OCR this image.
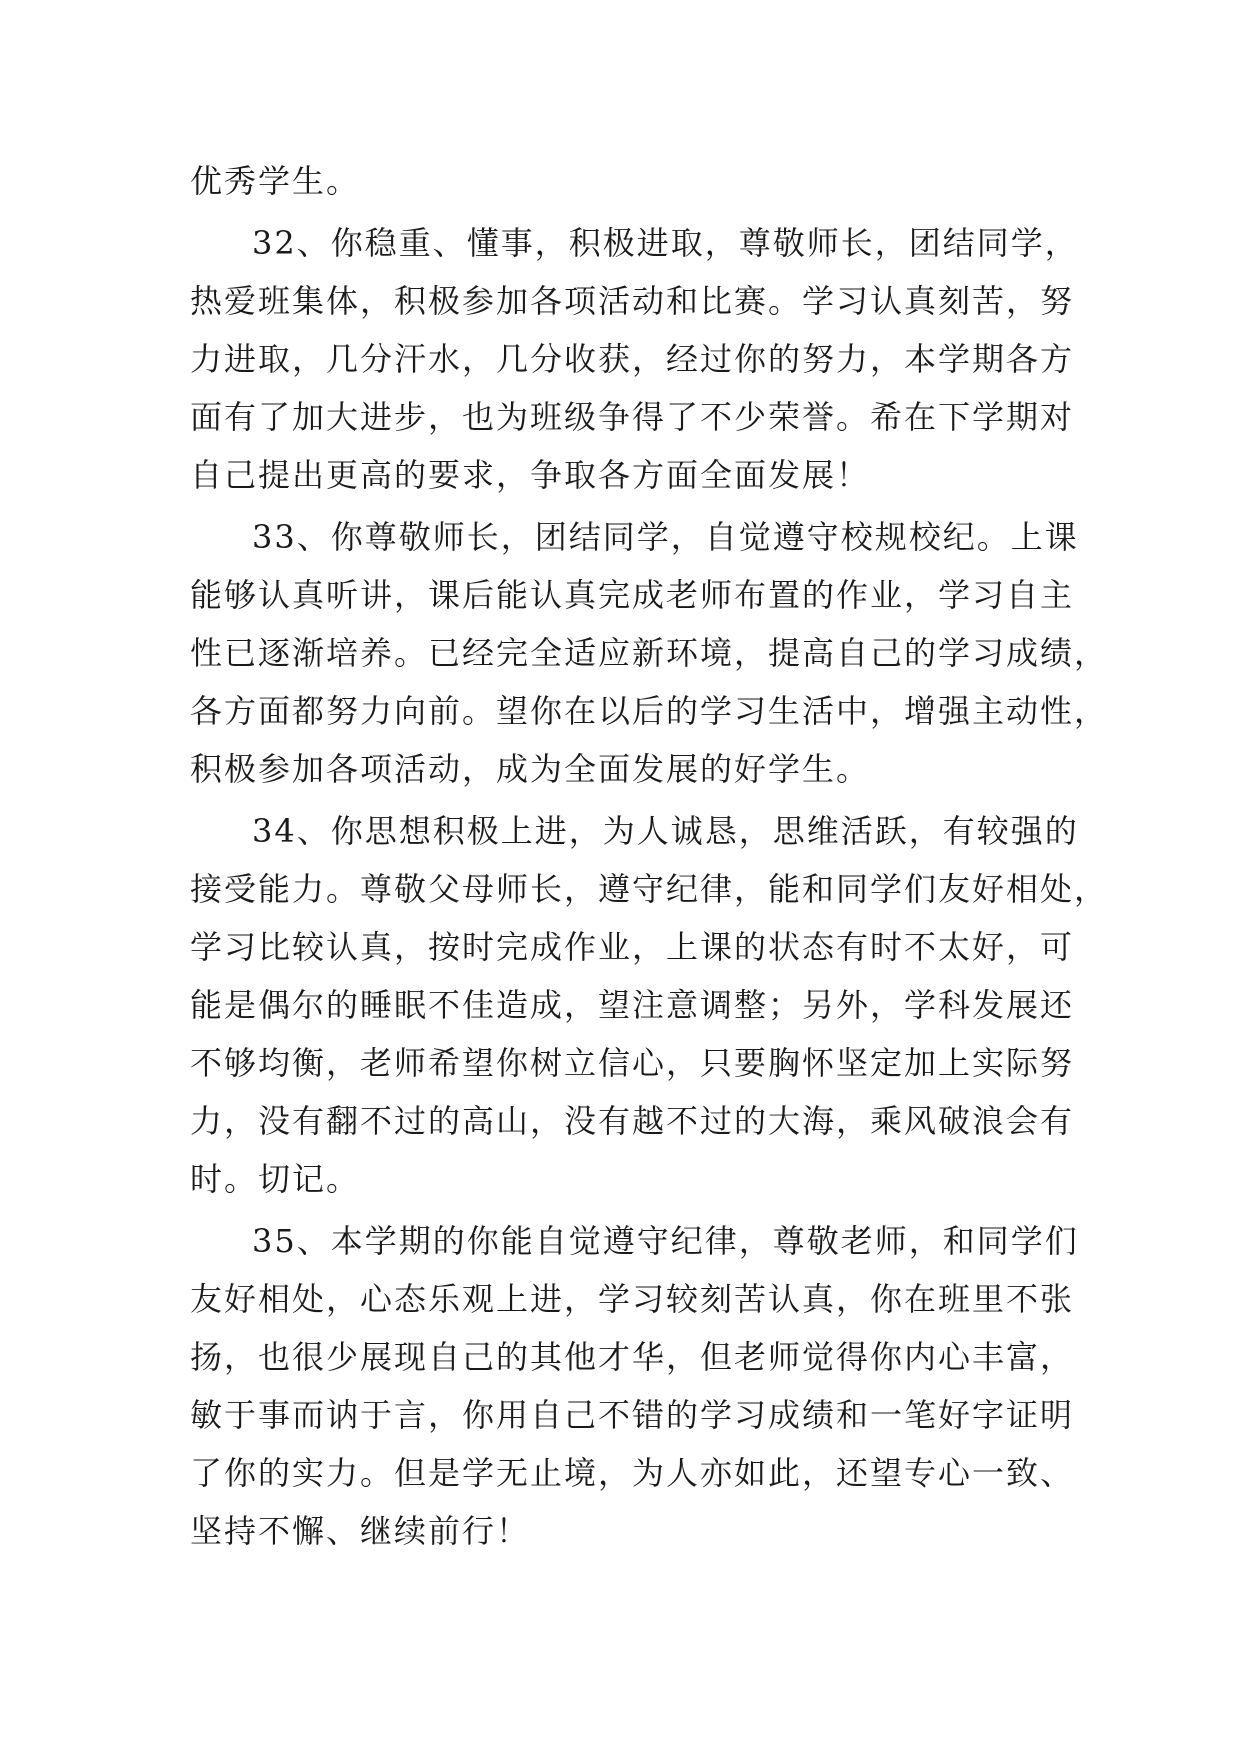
优秀学生。
32、你稳重、懂事，积极进取，尊敬师长，团结同学，
热爱班集体，积极参加各项活动和比赛。学习认真刻苦，努
力进取，几分汗水，几分收获，经过你的努力，本学期各方
面有了加大进步，也为班级争得了不少荣誉。希在下学期对
自己提出更高的要求，争取各方面全面发展！
33、你尊敬师长，团结同学，自觉遵守校规校纪。上课
能够认真听讲，课后能认真完成老师布置的作业，学习自主
性已逐渐培养。已经完全适应新环境，提高自己的学习成绩，
各方面都努力向前。望你在以后的学习生活中，增强主动性，
积极参加各项活动，成为全面发展的好学生。
34、你思想积极上进，为人诚恳，思维活跃，有较强的
接受能力。尊敬父母师长，遵守纪律，能和同学们友好相处，
学习比较认真，按时完成作业，上课的状态有时不太好，可
能是偶尔的睡眠不佳造成，望注意调整；另外，学科发展还
不够均衡，老师希望你树立信心，只要胸怀坚定加上实际努
力，没有翻不过的高山，没有越不过的大海，乘风破浪会有
时。切记。
35、本学期的你能自觉遵守纪律，尊敬老师，和同学们
友好相处，心态乐观上进，学习较刻苦认真，你在班里不张
扬，也很少展现自己的其他才华，但老师觉得你内心丰富，
敏于事而讷于言，你用自己不错的学习成绩和一笔好字证明
了你的实力。但是学无止境，为人亦如此，还望专心一致、
坚持不懈、继续前行！
